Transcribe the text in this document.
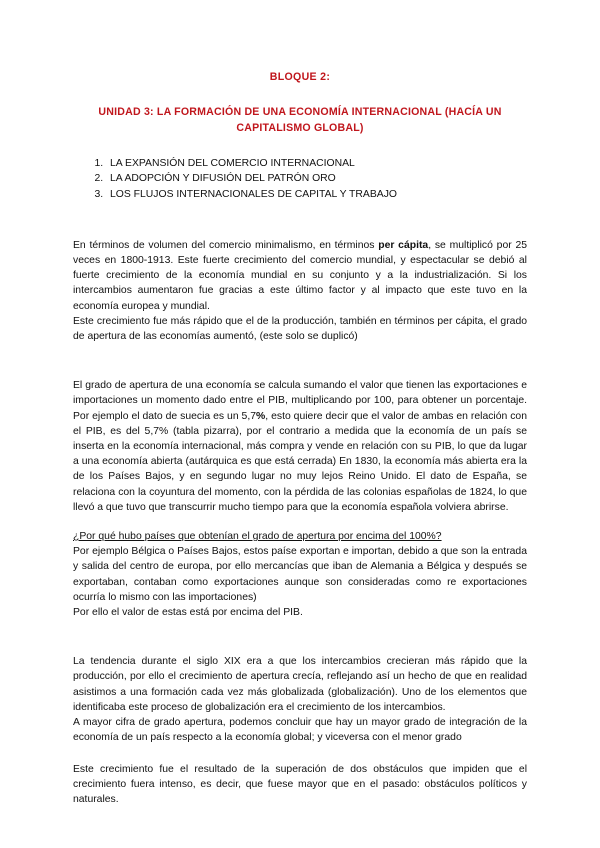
BLOQUE 2:
UNIDAD 3: LA FORMACIÓN DE UNA ECONOMÍA INTERNACIONAL (HACÍA UN CAPITALISMO GLOBAL)
1. LA EXPANSIÓN DEL COMERCIO INTERNACIONAL
2. LA ADOPCIÓN Y DIFUSIÓN DEL PATRÓN ORO
3. LOS FLUJOS INTERNACIONALES DE CAPITAL Y TRABAJO

En términos de volumen del comercio minimalismo, en términos per cápita, se multiplicó por 25 veces en 1800-1913. Este fuerte crecimiento del comercio mundial, y espectacular se debió al fuerte crecimiento de la economía mundial en su conjunto y a la industrialización. Si los intercambios aumentaron fue gracias a este último factor y al impacto que este tuvo en la economía europea y mundial.

Este crecimiento fue más rápido que el de la producción, también en términos per cápita, el grado de apertura de las economías aumentó, (este solo se duplicó)

El grado de apertura de una economía se calcula sumando el valor que tienen las exportaciones e importaciones un momento dado entre el PIB, multiplicando por 100, para obtener un porcentaje. Por ejemplo el dato de suecia es un 5,7%, esto quiere decir que el valor de ambas en relación con el PIB, es del 5,7% (tabla pizarra), por el contrario a medida que la economía de un país se inserta en la economía internacional, más compra y vende en relación con su PIB, lo que da lugar a una economía abierta (autárquica es que está cerrada) En 1830, la economía más abierta era la de los Países Bajos, y en segundo lugar no muy lejos Reino Unido. El dato de España, se relaciona con la coyuntura del momento, con la pérdida de las colonias españolas de 1824, lo que llevó a que tuvo que transcurrir mucho tiempo para que la economía española volviera abrirse.

¿Por qué hubo países que obtenían el grado de apertura por encima del 100%?

Por ejemplo Bélgica o Países Bajos, estos paíse exportan e importan, debido a que son la entrada y salida del centro de europa, por ello mercancías que iban de Alemania a Bélgica y después se exportaban, contaban como exportaciones aunque son consideradas como re exportaciones ocurría lo mismo con las importaciones)

Por ello el valor de estas está por encima del PIB.

La tendencia durante el siglo XIX era a que los intercambios crecieran más rápido que la producción, por ello el crecimiento de apertura crecía, reflejando así un hecho de que en realidad asistimos a una formación cada vez más globalizada (globalización). Uno de los elementos que identificaba este proceso de globalización era el crecimiento de los intercambios.

A mayor cifra de grado apertura, podemos concluir que hay un mayor grado de integración de la economía de un país respecto a la economía global; y viceversa con el menor grado

Este crecimiento fue el resultado de la superación de dos obstáculos que impiden que el crecimiento fuera intenso, es decir, que fuese mayor que en el pasado: obstáculos políticos y naturales.
